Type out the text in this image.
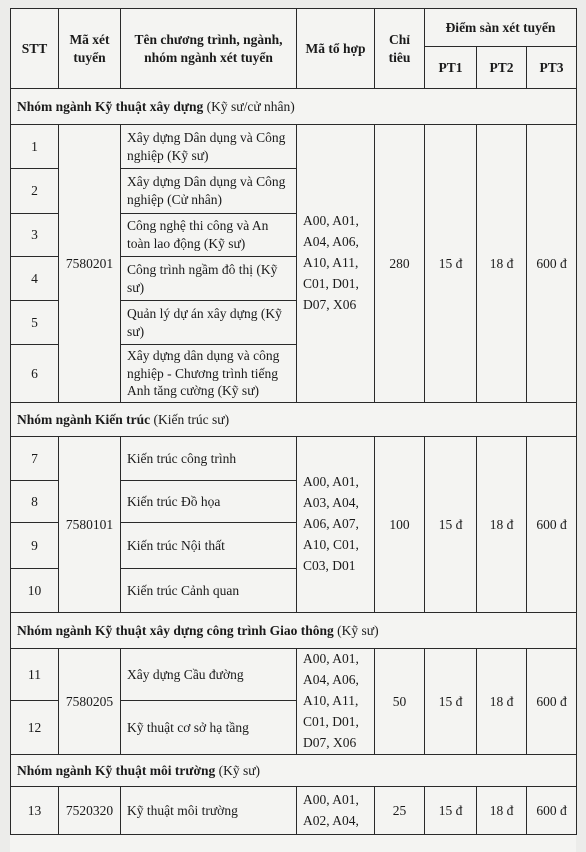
STT	Mã xét tuyển	Tên chương trình, ngành, nhóm ngành xét tuyển	Mã tổ hợp	Chỉ tiêu	Điểm sàn xét tuyển		
					PT1	PT2	PT3
Nhóm ngành Kỹ thuật xây dựng (Kỹ sư/cử nhân)							
1	7580201	Xây dựng Dân dụng và Công nghiệp (Kỹ sư)	A00, A01, A04, A06, A10, A11, C01, D01, D07, X06	280	15 đ	18 đ	600 đ
2		Xây dựng Dân dụng và Công nghiệp (Cử nhân)					
3		Công nghệ thi công và An toàn lao động (Kỹ sư)					
4		Công trình ngầm đô thị (Kỹ sư)					
5		Quản lý dự án xây dựng (Kỹ sư)					
6		Xây dựng dân dụng và công nghiệp - Chương trình tiếng Anh tăng cường (Kỹ sư)					
Nhóm ngành Kiến trúc (Kiến trúc sư)							
7	7580101	Kiến trúc công trình	A00, A01, A03, A04, A06, A07, A10, C01, C03, D01	100	15 đ	18 đ	600 đ
8		Kiến trúc Đồ họa					
9		Kiến trúc Nội thất					
10		Kiến trúc Cảnh quan					
Nhóm ngành Kỹ thuật xây dựng công trình Giao thông (Kỹ sư)							
11	7580205	Xây dựng Cầu đường	A00, A01, A04, A06, A10, A11, C01, D01, D07, X06	50	15 đ	18 đ	600 đ
12		Kỹ thuật cơ sở hạ tầng					
Nhóm ngành Kỹ thuật môi trường (Kỹ sư)							
13	7520320	Kỹ thuật môi trường	A00, A01, A02, A04,	25	15 đ	18 đ	600 đ
